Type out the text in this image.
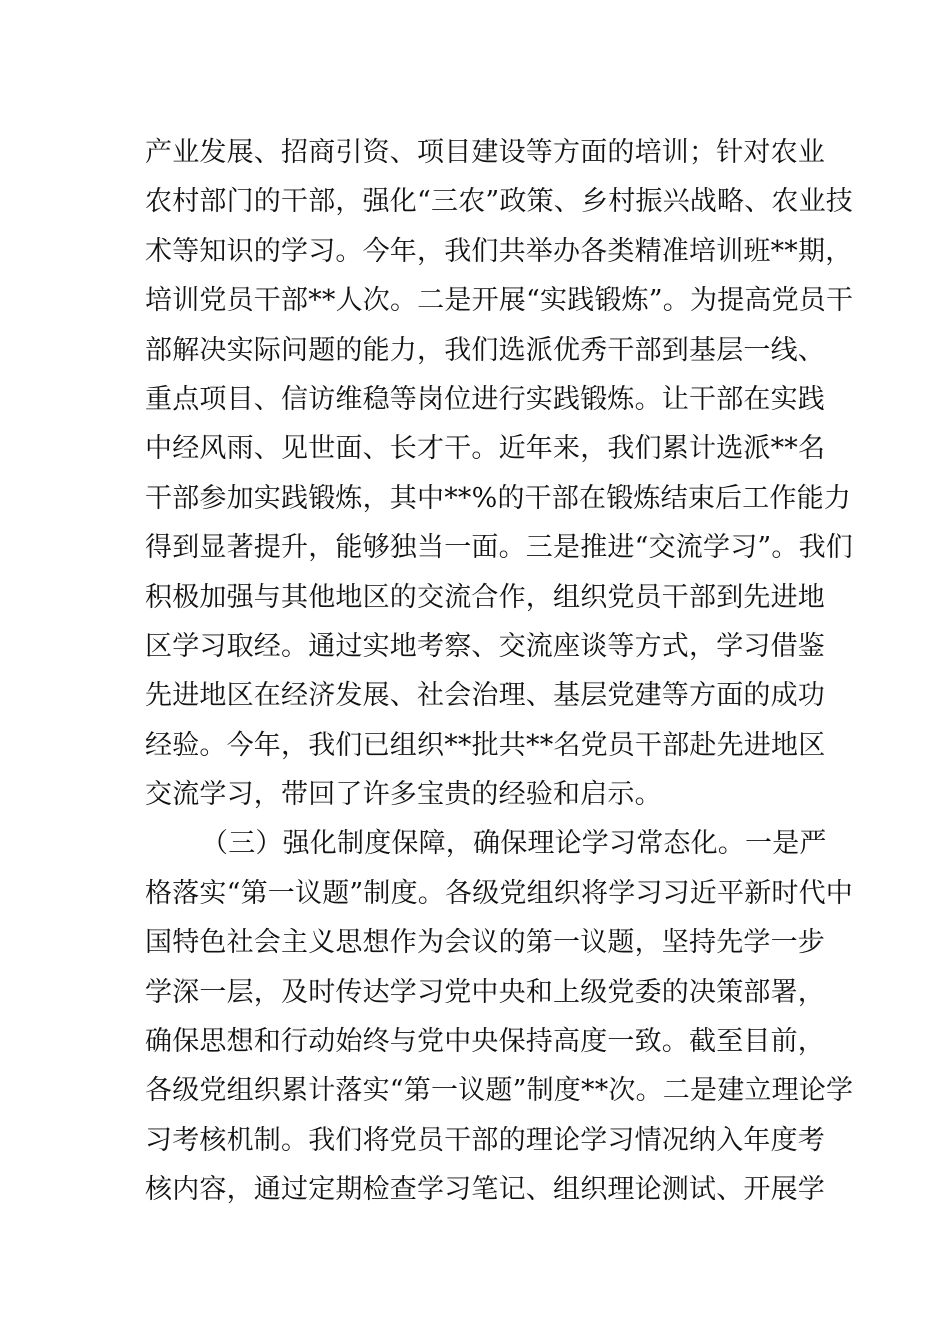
产业发展、招商引资、项目建设等方面的培训；针对农业
农村部门的干部，强化“三农”政策、乡村振兴战略、农业技
术等知识的学习。今年，我们共举办各类精准培训班**期，
培训党员干部**人次。二是开展“实践锻炼”。为提高党员干
部解决实际问题的能力，我们选派优秀干部到基层一线、
重点项目、信访维稳等岗位进行实践锻炼。让干部在实践
中经风雨、见世面、长才干。近年来，我们累计选派**名
干部参加实践锻炼，其中**%的干部在锻炼结束后工作能力
得到显著提升，能够独当一面。三是推进“交流学习”。我们
积极加强与其他地区的交流合作，组织党员干部到先进地
区学习取经。通过实地考察、交流座谈等方式，学习借鉴
先进地区在经济发展、社会治理、基层党建等方面的成功
经验。今年，我们已组织**批共**名党员干部赴先进地区
交流学习，带回了许多宝贵的经验和启示。
（三）强化制度保障，确保理论学习常态化。一是严
格落实“第一议题”制度。各级党组织将学习习近平新时代中
国特色社会主义思想作为会议的第一议题，坚持先学一步
学深一层，及时传达学习党中央和上级党委的决策部署，
确保思想和行动始终与党中央保持高度一致。截至目前，
各级党组织累计落实“第一议题”制度**次。二是建立理论学
习考核机制。我们将党员干部的理论学习情况纳入年度考
核内容，通过定期检查学习笔记、组织理论测试、开展学
